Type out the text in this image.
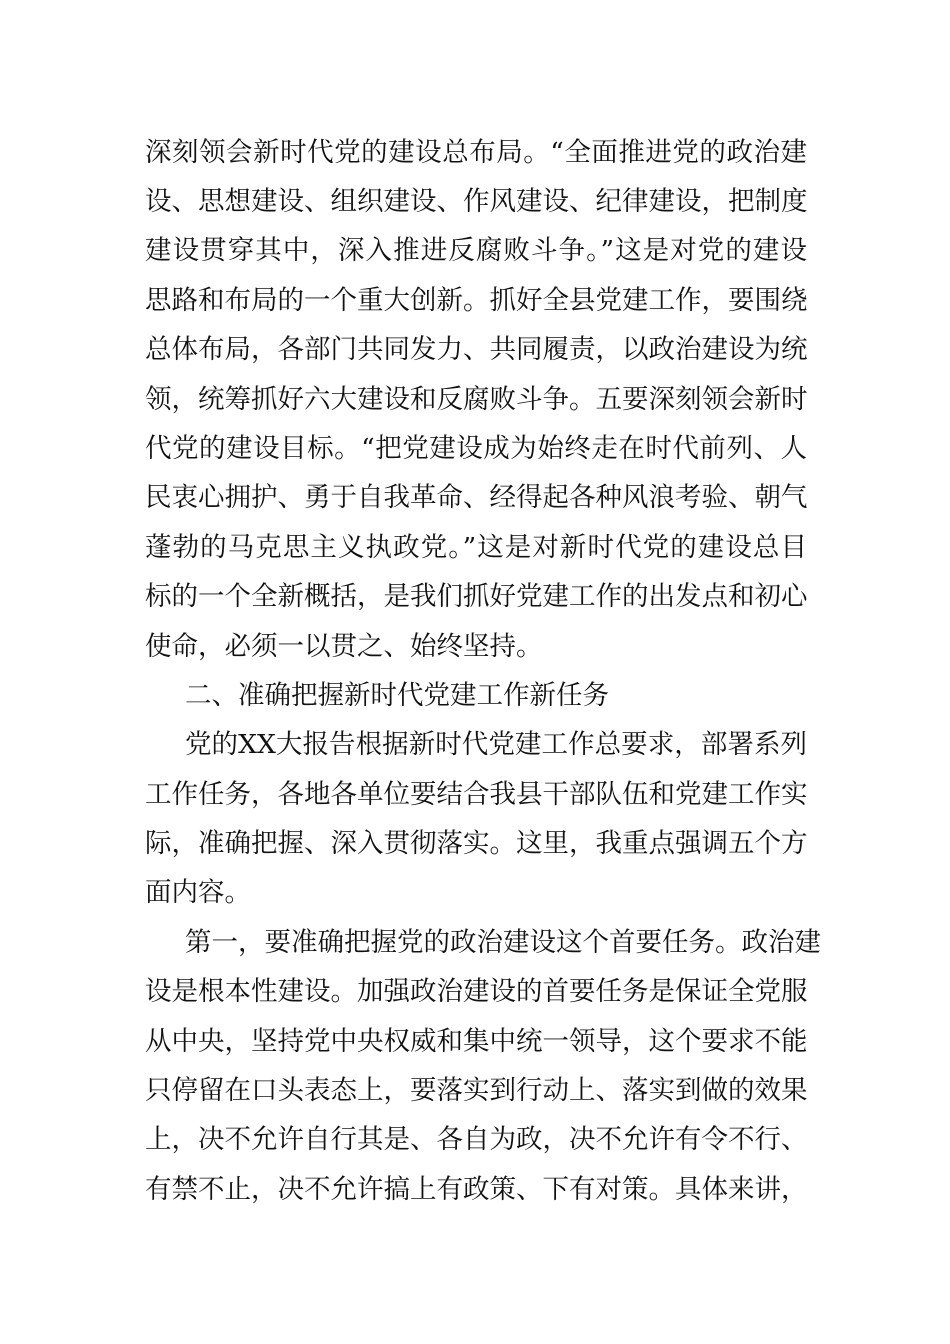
深刻领会新时代党的建设总布局。“全面推进党的政治建
设、思想建设、组织建设、作风建设、纪律建设，把制度
建设贯穿其中，深入推进反腐败斗争。”这是对党的建设
思路和布局的一个重大创新。抓好全县党建工作，要围绕
总体布局，各部门共同发力、共同履责，以政治建设为统
领，统筹抓好六大建设和反腐败斗争。五要深刻领会新时
代党的建设目标。“把党建设成为始终走在时代前列、人
民衷心拥护、勇于自我革命、经得起各种风浪考验、朝气
蓬勃的马克思主义执政党。”这是对新时代党的建设总目
标的一个全新概括，是我们抓好党建工作的出发点和初心
使命，必须一以贯之、始终坚持。
二、准确把握新时代党建工作新任务
党的XX大报告根据新时代党建工作总要求，部署系列
工作任务，各地各单位要结合我县干部队伍和党建工作实
际，准确把握、深入贯彻落实。这里，我重点强调五个方
面内容。
第一，要准确把握党的政治建设这个首要任务。政治建
设是根本性建设。加强政治建设的首要任务是保证全党服
从中央，坚持党中央权威和集中统一领导，这个要求不能
只停留在口头表态上，要落实到行动上、落实到做的效果
上，决不允许自行其是、各自为政，决不允许有令不行、
有禁不止，决不允许搞上有政策、下有对策。具体来讲，
